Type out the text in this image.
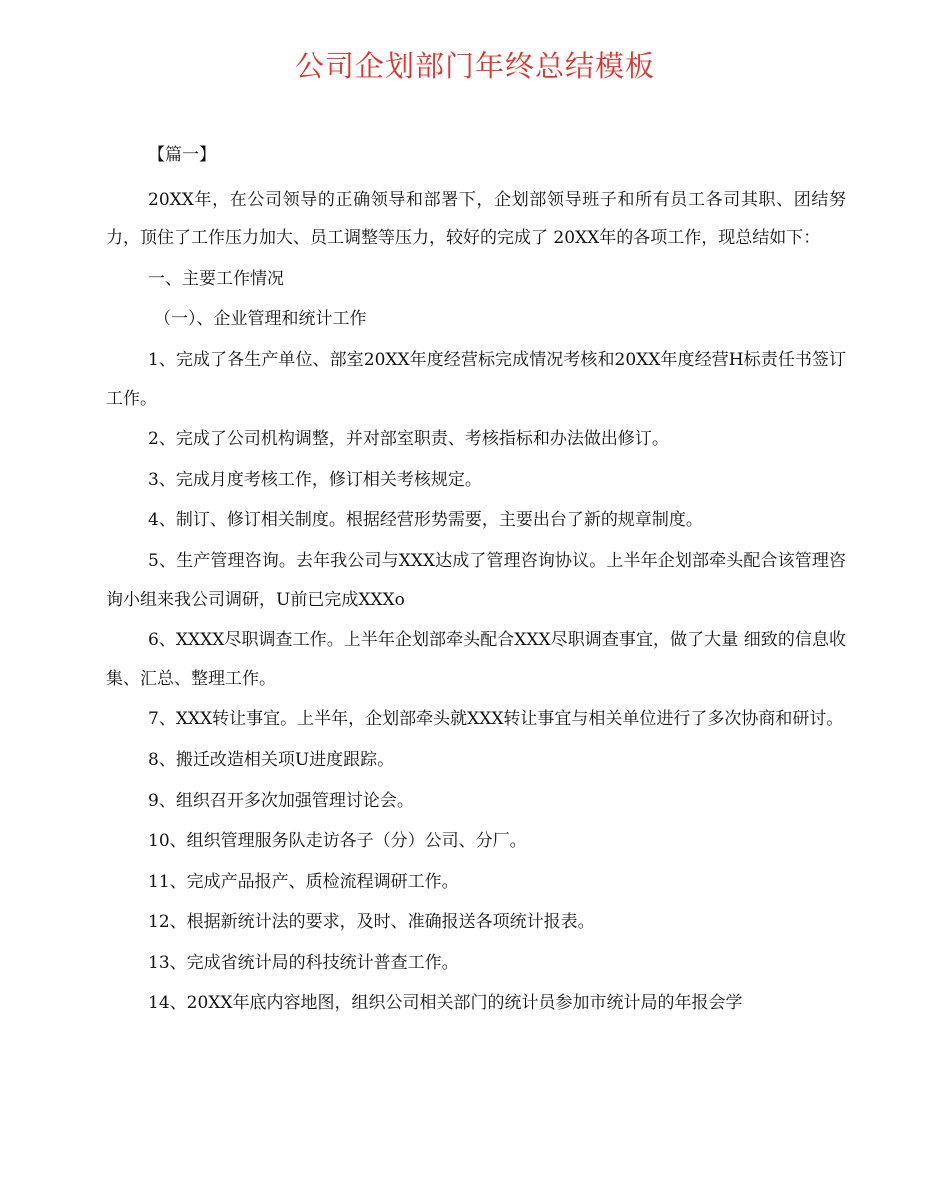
公司企划部门年终总结模板

【篇一】

20XX年，在公司领导的正确领导和部署下，企划部领导班子和所有员工各司其职、团结努力，顶住了工作压力加大、员工调整等压力，较好的完成了 20XX年的各项工作，现总结如下：

一、主要工作情况

（一）、企业管理和统计工作

1、完成了各生产单位、部室20XX年度经营标完成情况考核和20XX年度经营H标责任书签订工作。

2、完成了公司机构调整，并对部室职责、考核指标和办法做出修订。

3、完成月度考核工作，修订相关考核规定。

4、制订、修订相关制度。根据经营形势需要，主要出台了新的规章制度。

5、生产管理咨询。去年我公司与XXX达成了管理咨询协议。上半年企划部牵头配合该管理咨询小组来我公司调研，U前已完成XXXo

6、XXXX尽职调查工作。上半年企划部牵头配合XXX尽职调查事宜，做了大量 细致的信息收集、汇总、整理工作。

7、XXX转让事宜。上半年，企划部牵头就XXX转让事宜与相关单位进行了多次协商和研讨。

8、搬迁改造相关项U进度跟踪。

9、组织召开多次加强管理讨论会。

10、组织管理服务队走访各子（分）公司、分厂。

11、完成产品报产、质检流程调研工作。

12、根据新统计法的要求，及时、准确报送各项统计报表。

13、完成省统计局的科技统计普查工作。

14、20XX年底内容地图，组织公司相关部门的统计员参加市统计局的年报会学
